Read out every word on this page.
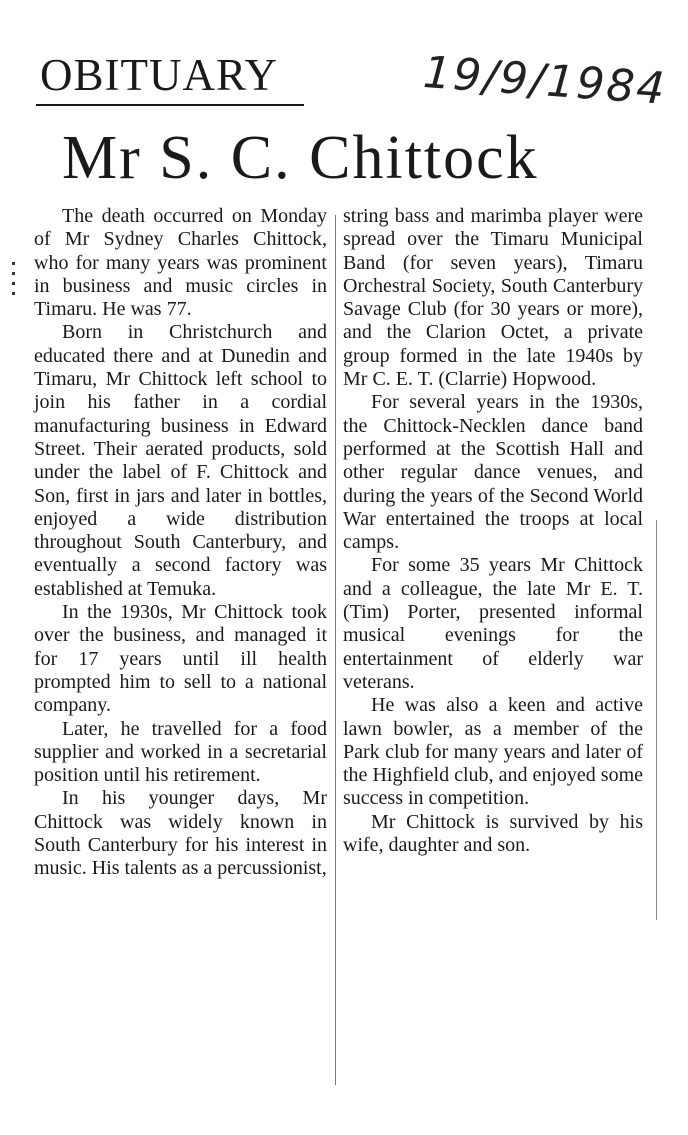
OBITUARY	19/9/1984
Mr S. C. Chittock

The death occurred on Monday of Mr Sydney Charles Chittock, who for many years was prominent in business and music circles in Timaru. He was 77.

Born in Christchurch and educated there and at Dunedin and Timaru, Mr Chittock left school to join his father in a cordial manufacturing business in Edward Street. Their aerated products, sold under the label of F. Chittock and Son, first in jars and later in bottles, enjoyed a wide distribution throughout South Canterbury, and eventually a second factory was established at Temuka.

In the 1930s, Mr Chittock took over the business, and managed it for 17 years until ill health prompted him to sell to a national company.

Later, he travelled for a food supplier and worked in a secretarial position until his retirement.

In his younger days, Mr Chittock was widely known in South Canterbury for his interest in music. His talents as a percussionist,

string bass and marimba player were spread over the Timaru Municipal Band (for seven years), Timaru Orchestral Society, South Canterbury Savage Club (for 30 years or more), and the Clarion Octet, a private group formed in the late 1940s by Mr C. E. T. (Clarrie) Hopwood.

For several years in the 1930s, the Chittock-Necklen dance band performed at the Scottish Hall and other regular dance venues, and during the years of the Second World War entertained the troops at local camps.

For some 35 years Mr Chittock and a colleague, the late Mr E. T. (Tim) Porter, presented informal musical evenings for the entertainment of elderly war veterans.

He was also a keen and active lawn bowler, as a member of the Park club for many years and later of the Highfield club, and enjoyed some success in competition.

Mr Chittock is survived by his wife, daughter and son.
